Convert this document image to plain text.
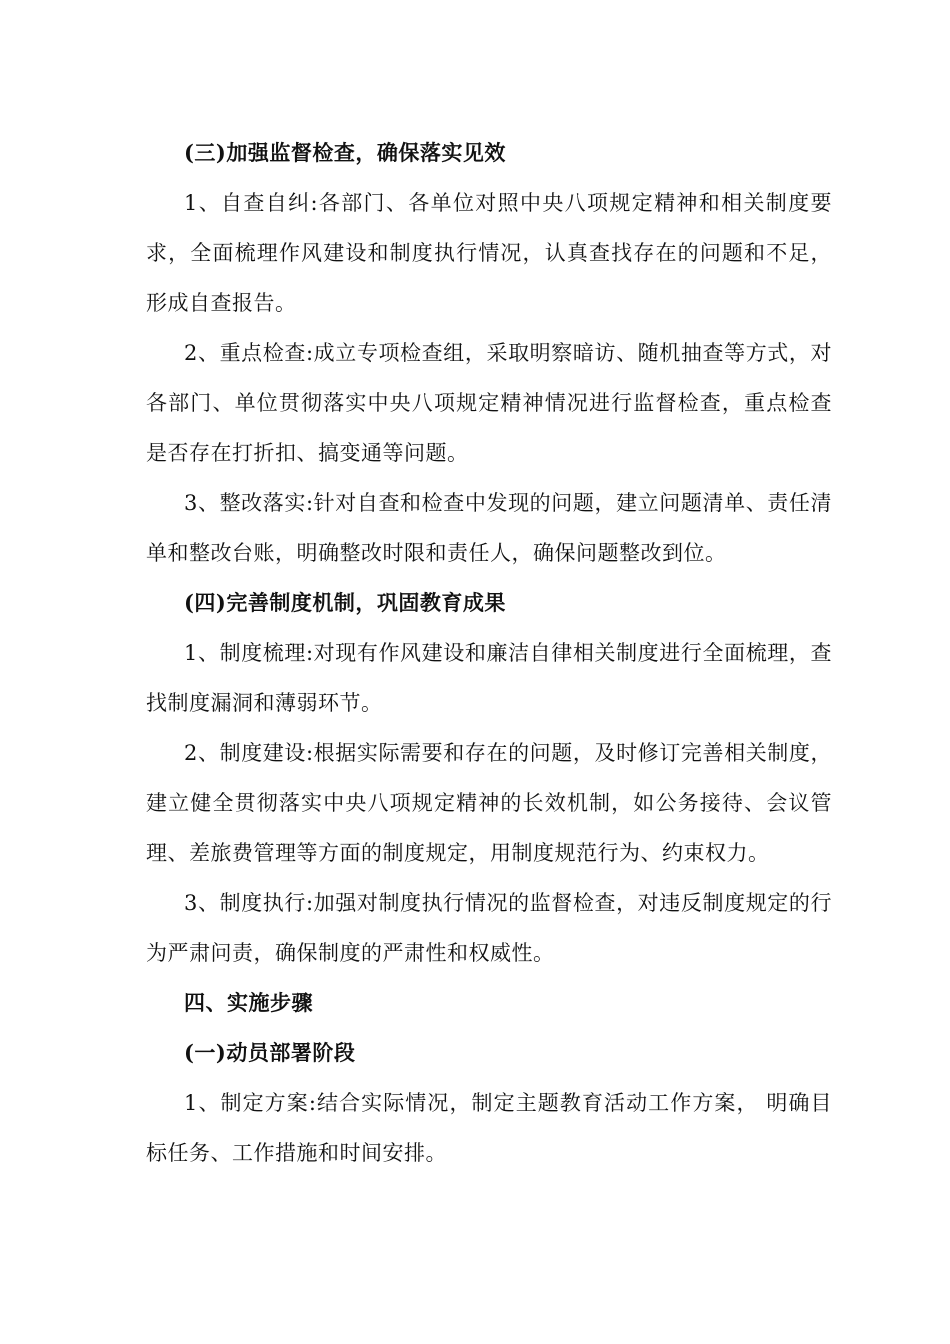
(三)加强监督检查，确保落实见效

1、自查自纠:各部门、各单位对照中央八项规定精神和相关制度要求，全面梳理作风建设和制度执行情况，认真查找存在的问题和不足，形成自查报告。

2、重点检查:成立专项检查组，采取明察暗访、随机抽查等方式，对各部门、单位贯彻落实中央八项规定精神情况进行监督检查，重点检查是否存在打折扣、搞变通等问题。

3、整改落实:针对自查和检查中发现的问题，建立问题清单、责任清单和整改台账，明确整改时限和责任人，确保问题整改到位。

(四)完善制度机制，巩固教育成果

1、制度梳理:对现有作风建设和廉洁自律相关制度进行全面梳理，查找制度漏洞和薄弱环节。

2、制度建设:根据实际需要和存在的问题，及时修订完善相关制度，建立健全贯彻落实中央八项规定精神的长效机制，如公务接待、会议管理、差旅费管理等方面的制度规定，用制度规范行为、约束权力。

3、制度执行:加强对制度执行情况的监督检查，对违反制度规定的行为严肃问责，确保制度的严肃性和权威性。

四、实施步骤

(一)动员部署阶段

1、制定方案:结合实际情况，制定主题教育活动工作方案， 明确目标任务、工作措施和时间安排。
